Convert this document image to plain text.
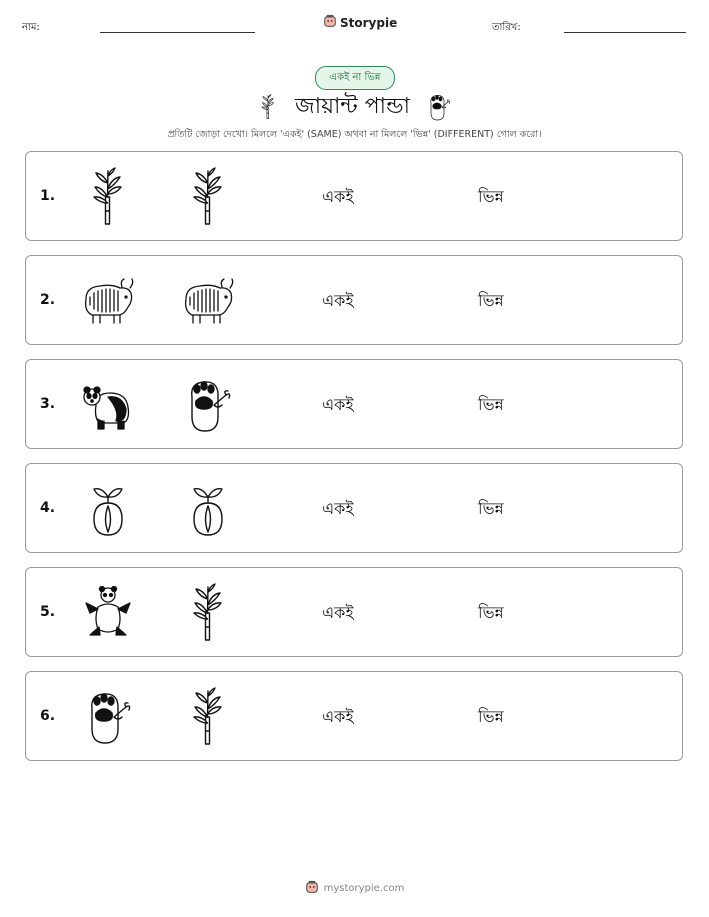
নাম:	Storypie	তারিখ:
একই না ভিন্ন
জায়ান্ট পান্ডা
প্রতিটি জোড়া দেখো। মিললে 'একই' (SAME) অথবা না মিললে 'ভিন্ন' (DIFFERENT) গোল করো।
1.	একই	ভিন্ন
2.	একই	ভিন্ন
3.	একই	ভিন্ন
4.	একই	ভিন্ন
5.	একই	ভিন্ন
6.	একই	ভিন্ন
mystorypie.com
